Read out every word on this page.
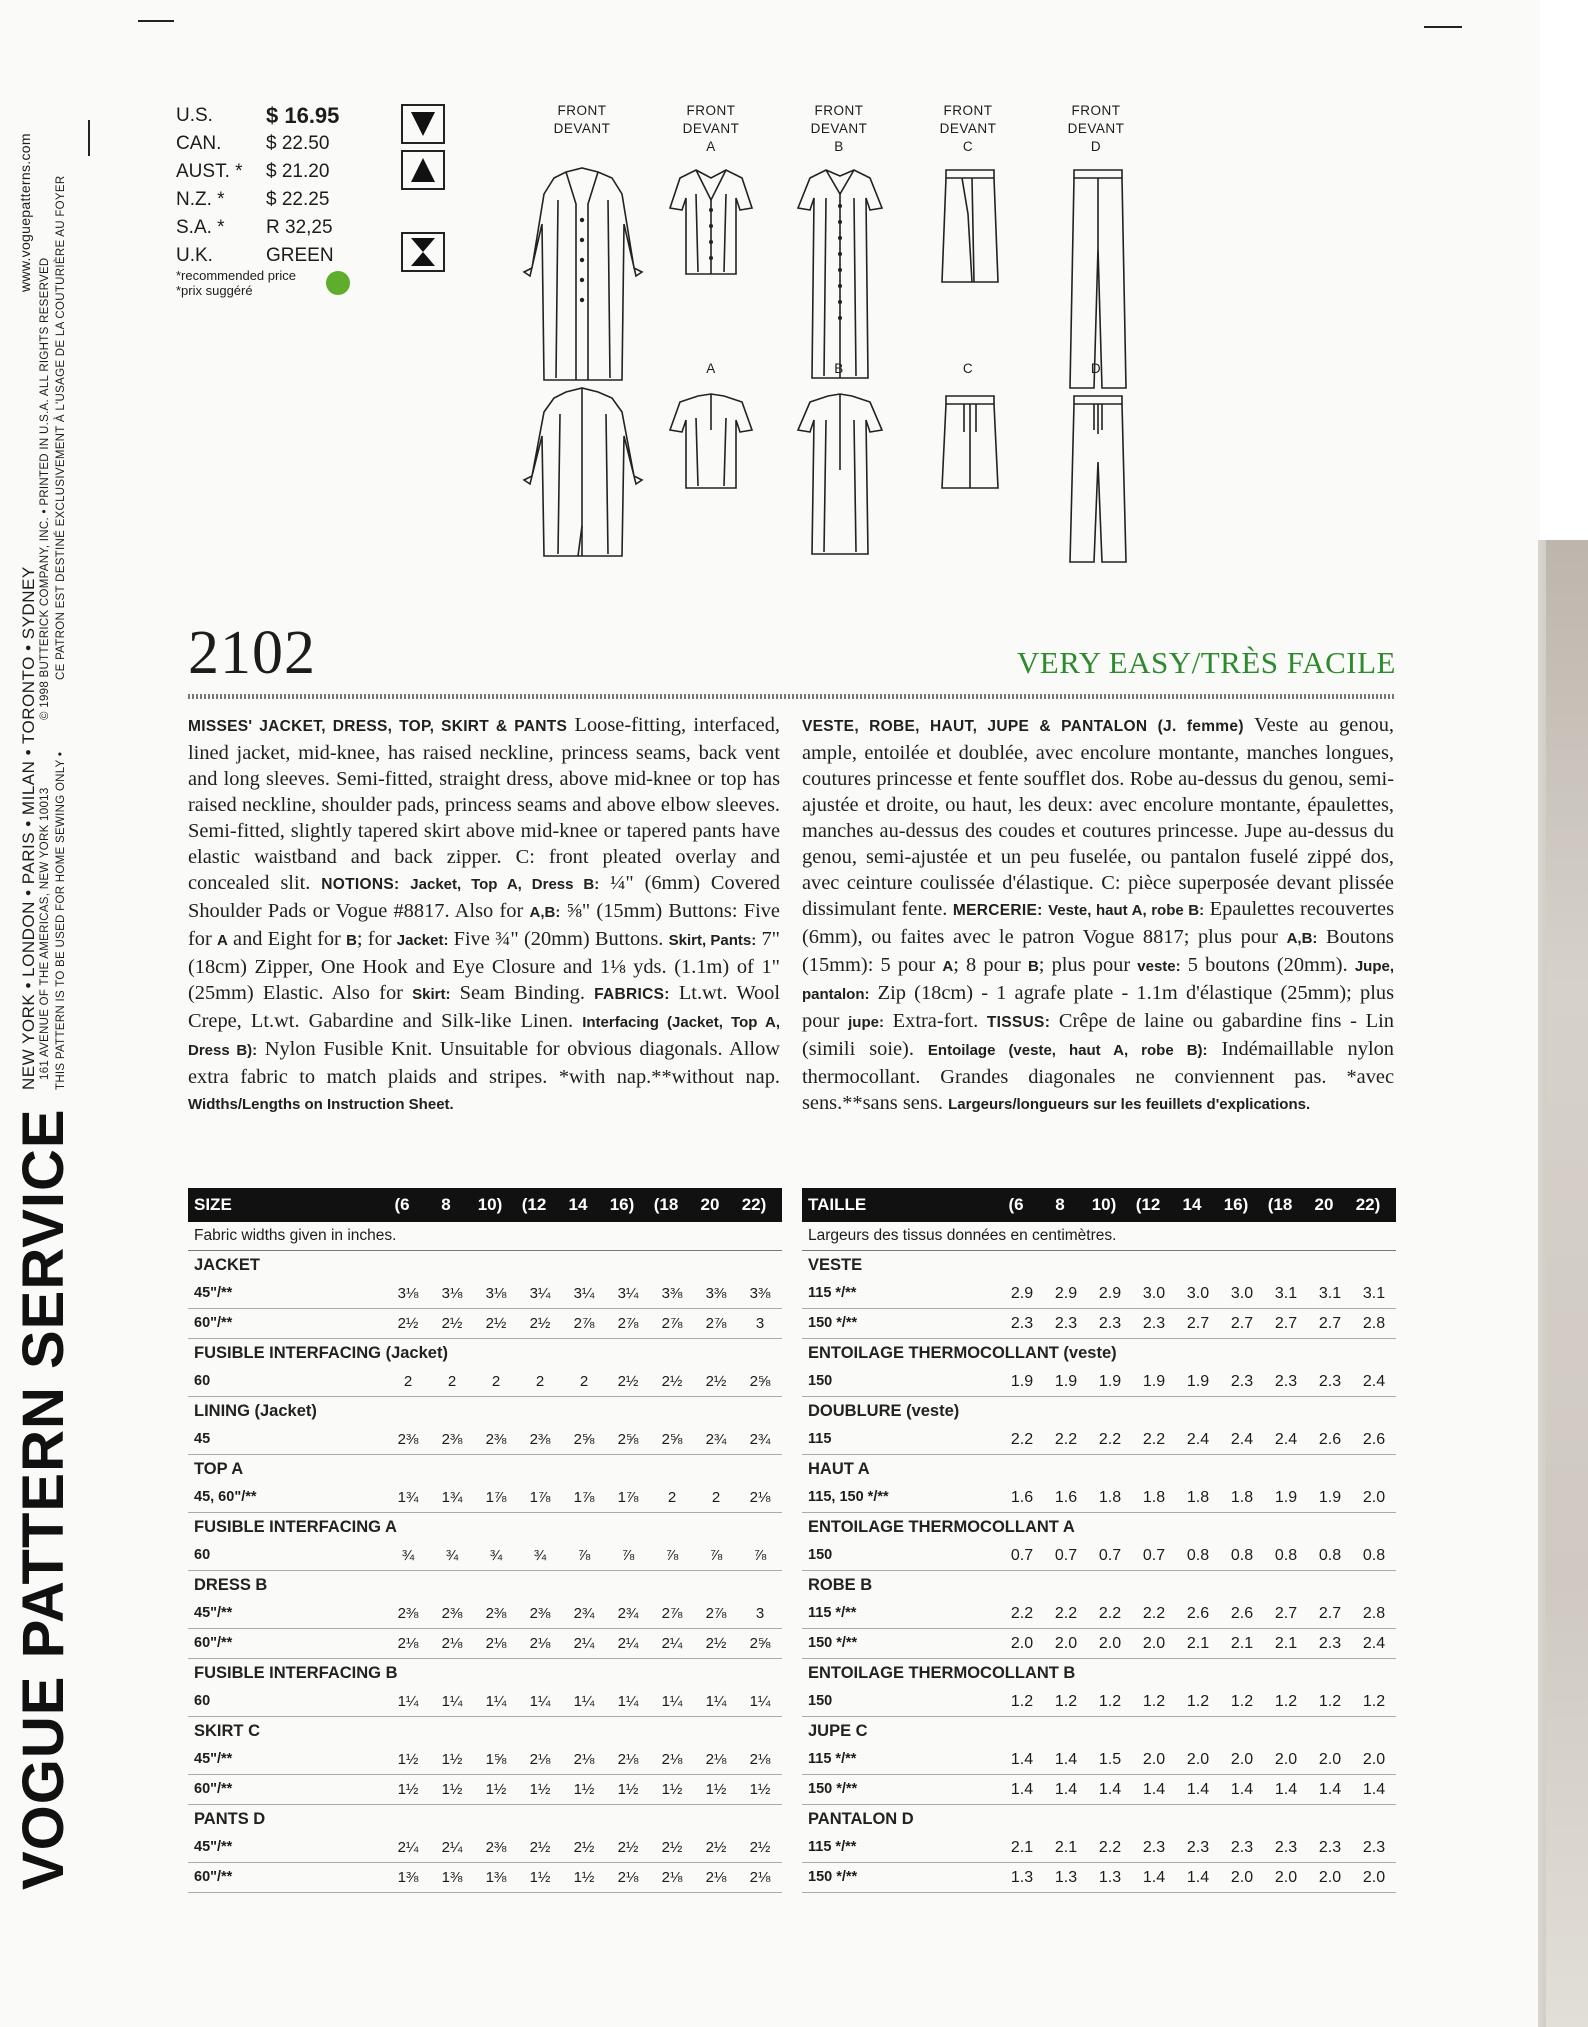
VOGUE PATTERN SERVICE
NEW YORK • LONDON • PARIS • MILAN • TORONTO • SYDNEY
www.voguepatterns.com
161 AVENUE OF THE AMERICAS, NEW YORK 10013
© 1998 BUTTERICK COMPANY, INC. • PRINTED IN U.S.A. ALL RIGHTS RESERVED
THIS PATTERN IS TO BE USED FOR HOME SEWING ONLY •
CE PATRON EST DESTINÉ EXCLUSIVEMENT À L'USAGE DE LA COUTURIÈRE AU FOYER
U.S.	$ 16.95
CAN.	$ 22.50
AUST. *	$ 21.20
N.Z. *	$ 22.25
S.A. *	R 32,25
U.K.	GREEN
*recommended price
*prix suggéré
FRONT
DEVANT
FRONT
DEVANT
A
FRONT
DEVANT
B
FRONT
DEVANT
C
FRONT
DEVANT
D
A	B	C	D
2102	VERY EASY/TRÈS FACILE
MISSES' JACKET, DRESS, TOP, SKIRT & PANTS Loose-fitting, interfaced, lined jacket, mid-knee, has raised neckline, princess seams, back vent and long sleeves. Semi-fitted, straight dress, above mid-knee or top has raised neckline, shoulder pads, princess seams and above elbow sleeves. Semi-fitted, slightly tapered skirt above mid-knee or tapered pants have elastic waistband and back zipper. C: front pleated overlay and concealed slit. NOTIONS: Jacket, Top A, Dress B: ¼" (6mm) Covered Shoulder Pads or Vogue #8817. Also for A,B: ⅝" (15mm) Buttons: Five for A and Eight for B; for Jacket: Five ¾" (20mm) Buttons. Skirt, Pants: 7" (18cm) Zipper, One Hook and Eye Closure and 1⅛ yds. (1.1m) of 1" (25mm) Elastic. Also for Skirt: Seam Binding. FABRICS: Lt.wt. Wool Crepe, Lt.wt. Gabardine and Silk-like Linen. Interfacing (Jacket, Top A, Dress B): Nylon Fusible Knit. Unsuitable for obvious diagonals. Allow extra fabric to match plaids and stripes. *with nap.**without nap. Widths/Lengths on Instruction Sheet.
VESTE, ROBE, HAUT, JUPE & PANTALON (J. femme) Veste au genou, ample, entoilée et doublée, avec encolure montante, manches longues, coutures princesse et fente soufflet dos. Robe au-dessus du genou, semi-ajustée et droite, ou haut, les deux: avec encolure montante, épaulettes, manches au-dessus des coudes et coutures princesse. Jupe au-dessus du genou, semi-ajustée et un peu fuselée, ou pantalon fuselé zippé dos, avec ceinture coulissée d'élastique. C: pièce superposée devant plissée dissimulant fente. MERCERIE: Veste, haut A, robe B: Epaulettes recouvertes (6mm), ou faites avec le patron Vogue 8817; plus pour A,B: Boutons (15mm): 5 pour A; 8 pour B; plus pour veste: 5 boutons (20mm). Jupe, pantalon: Zip (18cm) - 1 agrafe plate - 1.1m d'élastique (25mm); plus pour jupe: Extra-fort. TISSUS: Crêpe de laine ou gabardine fins - Lin (simili soie). Entoilage (veste, haut A, robe B): Indémaillable nylon thermocollant. Grandes diagonales ne conviennent pas. *avec sens.**sans sens. Largeurs/longueurs sur les feuillets d'explications.
SIZE	(6	8	10)	(12	14	16)	(18	20	22)
Fabric widths given in inches.
JACKET
45"/**	3⅛	3⅛	3⅛	3¼	3¼	3¼	3⅜	3⅜	3⅜
60"/**	2½	2½	2½	2½	2⅞	2⅞	2⅞	2⅞	3
FUSIBLE INTERFACING (Jacket)
60	2	2	2	2	2	2½	2½	2½	2⅝
LINING (Jacket)
45	2⅜	2⅜	2⅜	2⅜	2⅝	2⅝	2⅝	2¾	2¾
TOP A
45, 60"/**	1¾	1¾	1⅞	1⅞	1⅞	1⅞	2	2	2⅛
FUSIBLE INTERFACING A
60	¾	¾	¾	¾	⅞	⅞	⅞	⅞	⅞
DRESS B
45"/**	2⅜	2⅜	2⅜	2⅜	2¾	2¾	2⅞	2⅞	3
60"/**	2⅛	2⅛	2⅛	2⅛	2¼	2¼	2¼	2½	2⅝
FUSIBLE INTERFACING B
60	1¼	1¼	1¼	1¼	1¼	1¼	1¼	1¼	1¼
SKIRT C
45"/**	1½	1½	1⅝	2⅛	2⅛	2⅛	2⅛	2⅛	2⅛
60"/**	1½	1½	1½	1½	1½	1½	1½	1½	1½
PANTS D
45"/**	2¼	2¼	2⅜	2½	2½	2½	2½	2½	2½
60"/**	1⅜	1⅜	1⅜	1½	1½	2⅛	2⅛	2⅛	2⅛
TAILLE	(6	8	10)	(12	14	16)	(18	20	22)
Largeurs des tissus données en centimètres.
VESTE
115 */**	2.9	2.9	2.9	3.0	3.0	3.0	3.1	3.1	3.1
150 */**	2.3	2.3	2.3	2.3	2.7	2.7	2.7	2.7	2.8
ENTOILAGE THERMOCOLLANT (veste)
150	1.9	1.9	1.9	1.9	1.9	2.3	2.3	2.3	2.4
DOUBLURE (veste)
115	2.2	2.2	2.2	2.2	2.4	2.4	2.4	2.6	2.6
HAUT A
115, 150 */**	1.6	1.6	1.8	1.8	1.8	1.8	1.9	1.9	2.0
ENTOILAGE THERMOCOLLANT A
150	0.7	0.7	0.7	0.7	0.8	0.8	0.8	0.8	0.8
ROBE B
115 */**	2.2	2.2	2.2	2.2	2.6	2.6	2.7	2.7	2.8
150 */**	2.0	2.0	2.0	2.0	2.1	2.1	2.1	2.3	2.4
ENTOILAGE THERMOCOLLANT B
150	1.2	1.2	1.2	1.2	1.2	1.2	1.2	1.2	1.2
JUPE C
115 */**	1.4	1.4	1.5	2.0	2.0	2.0	2.0	2.0	2.0
150 */**	1.4	1.4	1.4	1.4	1.4	1.4	1.4	1.4	1.4
PANTALON D
115 */**	2.1	2.1	2.2	2.3	2.3	2.3	2.3	2.3	2.3
150 */**	1.3	1.3	1.3	1.4	1.4	2.0	2.0	2.0	2.0
